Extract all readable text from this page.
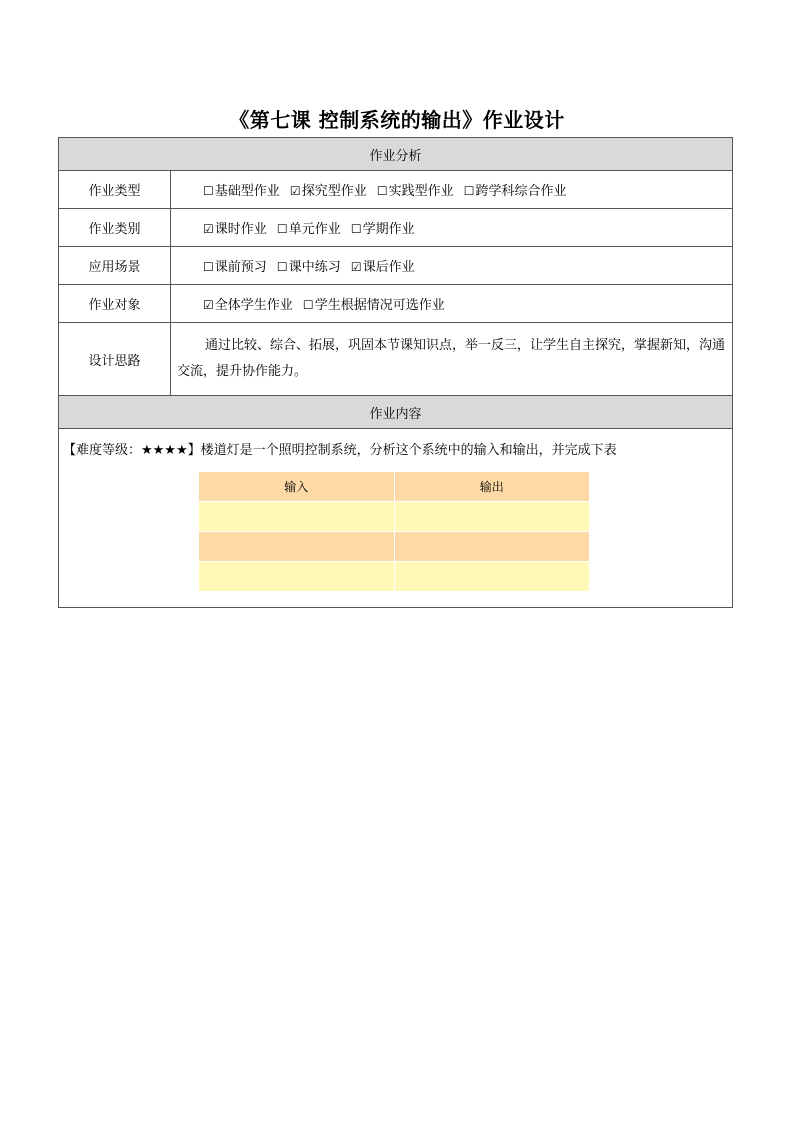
《第七课 控制系统的输出》作业设计
作业分析
作业类型	☐基础型作业 ☑探究型作业 ☐实践型作业 ☐跨学科综合作业
作业类别	☑课时作业 ☐单元作业 ☐学期作业
应用场景	☐课前预习 ☐课中练习 ☑课后作业
作业对象	☑全体学生作业 ☐学生根据情况可选作业
设计思路	通过比较、综合、拓展，巩固本节课知识点，举一反三，让学生自主探究，掌握新知，沟通交流，提升协作能力。
作业内容

【难度等级：★★★★】楼道灯是一个照明控制系统，分析这个系统中的输入和输出，并完成下表
输入	输出
